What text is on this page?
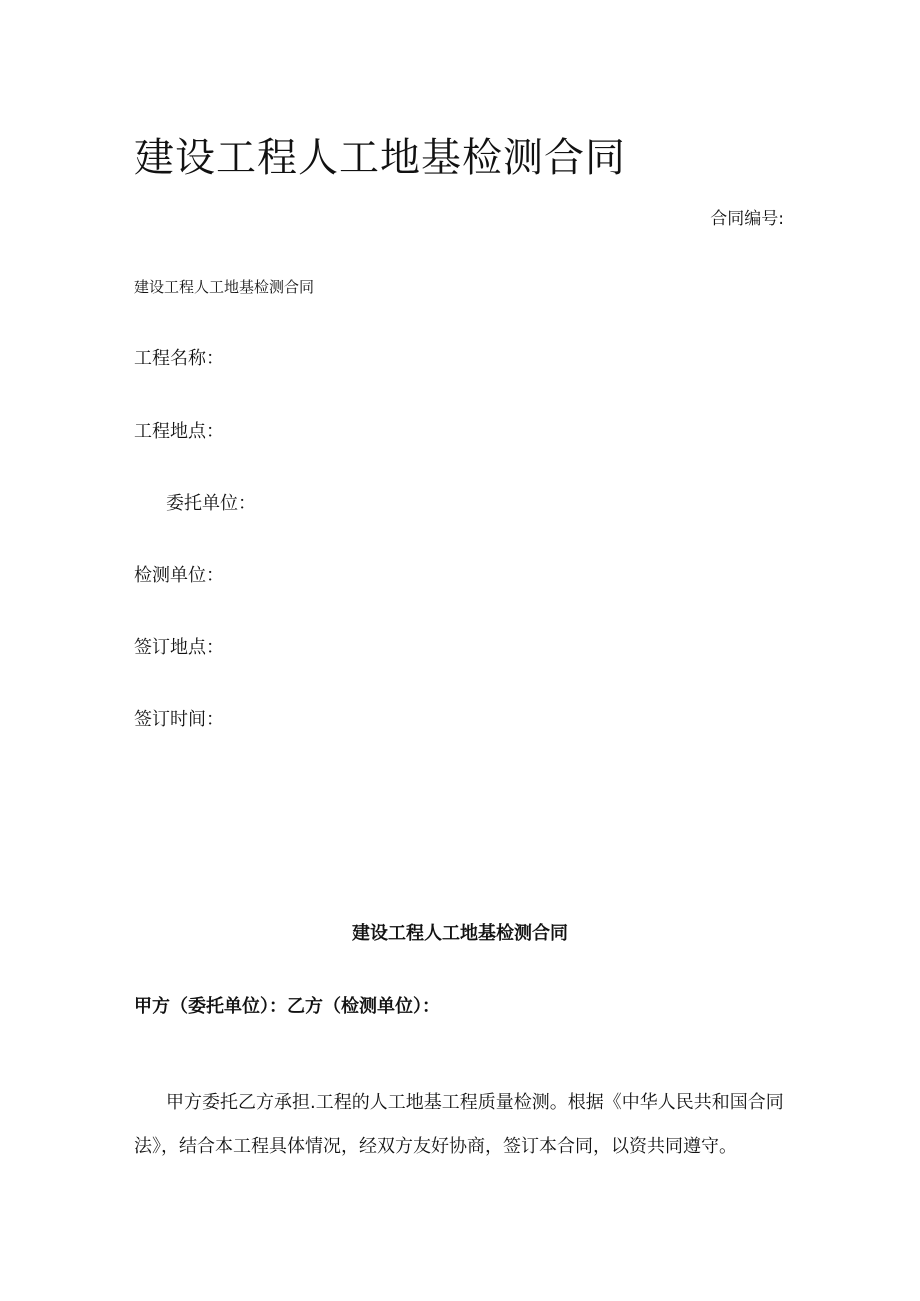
建设工程人工地基检测合同
合同编号:
建设工程人工地基检测合同
工程名称：
工程地点：
委托单位：
检测单位：
签订地点：
签订时间：
建设工程人工地基检测合同
甲方（委托单位）：乙方（检测单位）：

甲方委托乙方承担.工程的人工地基工程质量检测。根据《中华人民共和国合同法》，结合本工程具体情况，经双方友好协商，签订本合同，以资共同遵守。
